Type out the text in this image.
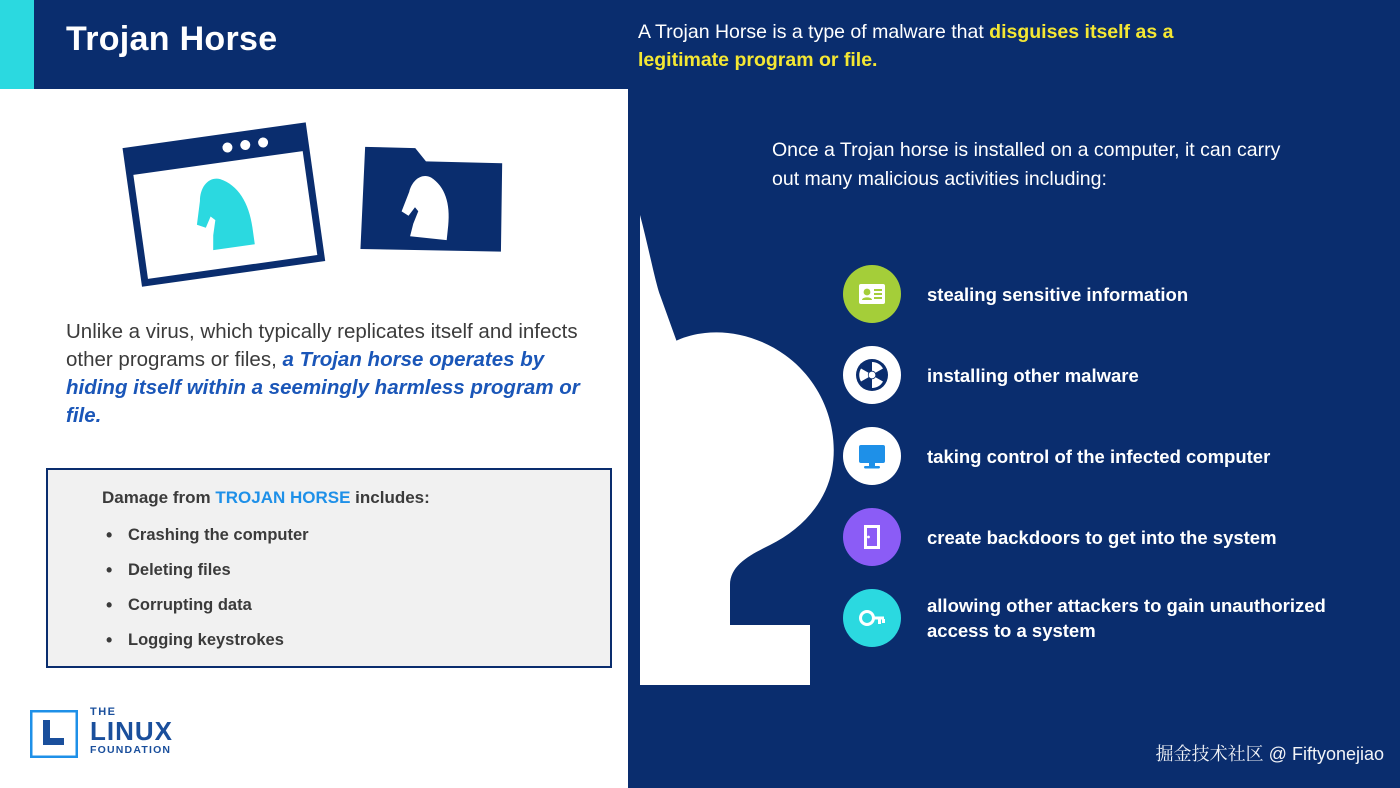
Trojan Horse
Unlike a virus, which typically replicates itself and infects other programs or files, a Trojan horse operates by hiding itself within a seemingly harmless program or file.
Damage from TROJAN HORSE includes:
• Crashing the computer
• Deleting files
• Corrupting data
• Logging keystrokes
THE
LINUX
FOUNDATION
A Trojan Horse is a type of malware that disguises itself as a legitimate program or file.
Once a Trojan horse is installed on a computer, it can carry out many malicious activities including:
stealing sensitive information
installing other malware
taking control of the infected computer
create backdoors to get into the system
allowing other attackers to gain unauthorized access to a system
掘金技术社区 @ Fiftyonejiao
